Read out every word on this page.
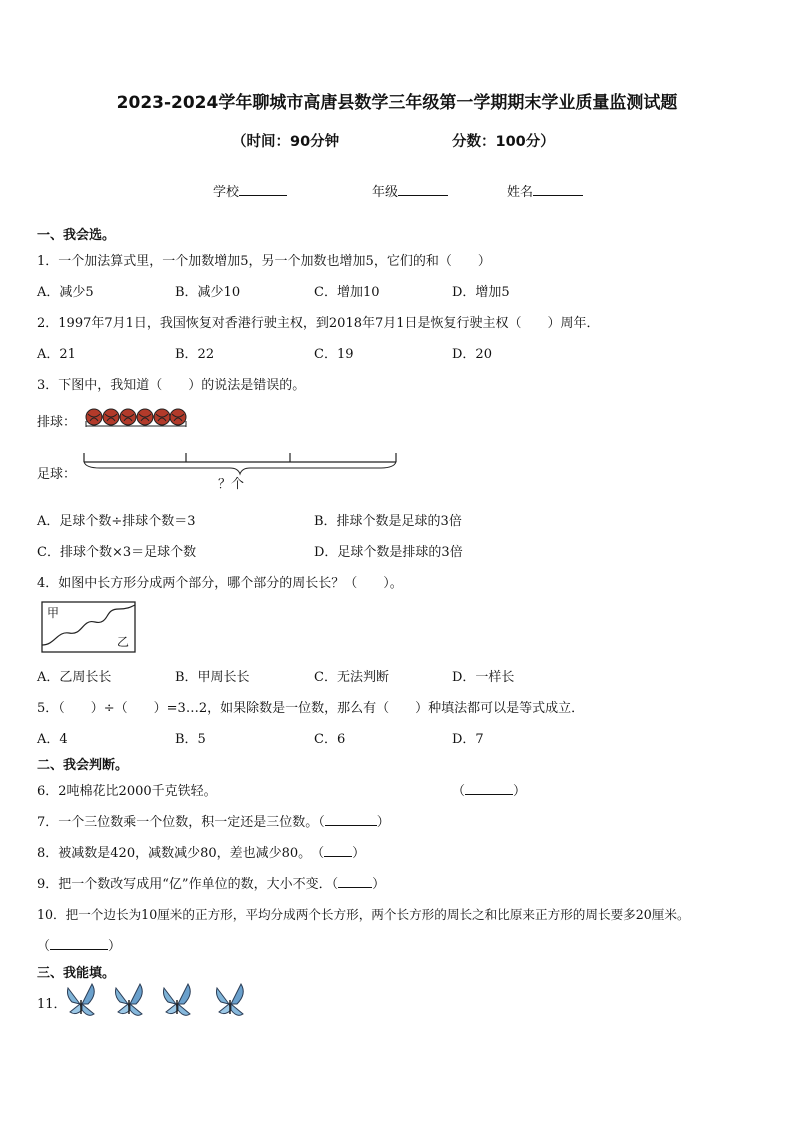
2023-2024学年聊城市高唐县数学三年级第一学期期末学业质量监测试题
（时间：90分钟	分数：100分）
学校	年级	姓名
一、我会选。
1．一个加法算式里，一个加数增加5，另一个加数也增加5，它们的和（　　）
A．减少5	B．减少10	C．增加10	D．增加5
2．1997年7月1日，我国恢复对香港行驶主权，到2018年7月1日是恢复行驶主权（　　）周年．
A．21	B．22	C．19	D．20
3．下图中，我知道（　　）的说法是错误的。
排球：
足球：
？个
A．足球个数÷排球个数＝3	B．排球个数是足球的3倍
C．排球个数×3＝足球个数	D．足球个数是排球的3倍
4．如图中长方形分成两个部分，哪个部分的周长长？（　　）。
甲
乙
A．乙周长长	B．甲周长长	C．无法判断	D．一样长
5．（　　）÷（　　）=3…2，如果除数是一位数，那么有（　　）种填法都可以是等式成立．
A．4	B．5	C．6	D．7
二、我会判断。
6．2吨棉花比2000千克铁轻。	（	）
7．一个三位数乘一个位数，积一定还是三位数。（	）
8．被减数是420，减数减少80，差也减少80。　（ ）
9．把一个数改写成用“亿”作单位的数，大小不变．（	）
10．把一个边长为10厘米的正方形，平均分成两个长方形，两个长方形的周长之和比原来正方形的周长要多20厘米。
（	）
三、我能填。
11．
